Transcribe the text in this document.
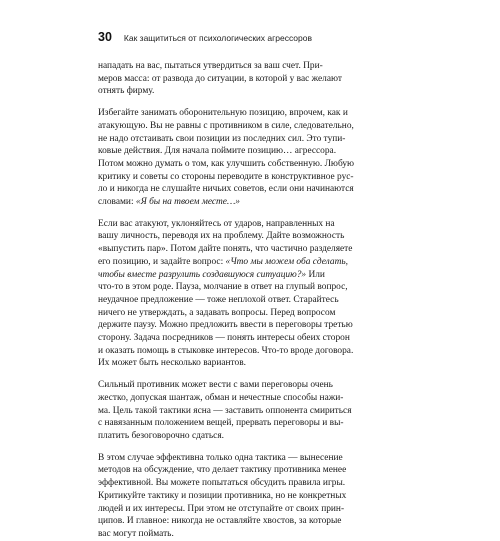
30 Как защититься от психологических агрессоров

нападать на вас, пытаться утвердиться за ваш счет. При-
меров масса: от развода до ситуации, в которой у вас желают
отнять фирму.

Избегайте занимать оборонительную позицию, впрочем, как и
атакующую. Вы не равны с противником в силе, следовательно,
не надо отстаивать свои позиции из последних сил. Это тупи-
ковые действия. Для начала поймите позицию… агрессора.
Потом можно думать о том, как улучшить собственную. Любую
критику и советы со стороны переводите в конструктивное рус-
ло и никогда не слушайте ничьих советов, если они начинаются
словами: «Я бы на твоем месте…»

Если вас атакуют, уклоняйтесь от ударов, направленных на
вашу личность, переводя их на проблему. Дайте возможность
«выпустить пар». Потом дайте понять, что частично разделяете
его позицию, и задайте вопрос: «Что мы можем оба сделать,
чтобы вместе разрулить создавшуюся ситуацию?» Или
что-то в этом роде. Пауза, молчание в ответ на глупый вопрос,
неудачное предложение — тоже неплохой ответ. Старайтесь
ничего не утверждать, а задавать вопросы. Перед вопросом
держите паузу. Можно предложить ввести в переговоры третью
сторону. Задача посредников — понять интересы обеих сторон
и оказать помощь в стыковке интересов. Что-то вроде договора.
Их может быть несколько вариантов.

Сильный противник может вести с вами переговоры очень
жестко, допуская шантаж, обман и нечестные способы нажи-
ма. Цель такой тактики ясна — заставить оппонента смириться
с навязанным положением вещей, прервать переговоры и вы-
платить безоговорочно сдаться.

В этом случае эффективна только одна тактика — вынесение
методов на обсуждение, что делает тактику противника менее
эффективной. Вы можете попытаться обсудить правила игры.
Критикуйте тактику и позиции противника, но не конкретных
людей и их интересы. При этом не отступайте от своих прин-
ципов. И главное: никогда не оставляйте хвостов, за которые
вас могут поймать.
